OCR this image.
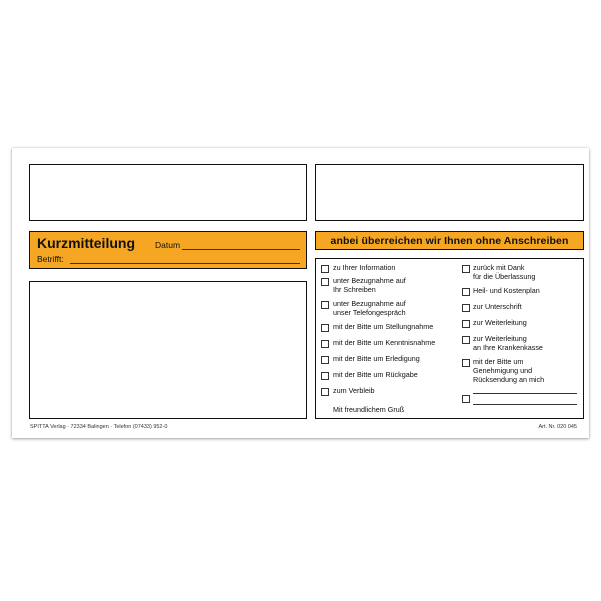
Kurzmitteilung Datum
Betrifft:
anbei überreichen wir Ihnen ohne Anschreiben
zu Ihrer Information
unter Bezugnahme auf
Ihr Schreiben
unter Bezugnahme auf
unser Telefongespräch
mit der Bitte um Stellungnahme
mit der Bitte um Kenntnisnahme
mit der Bitte um Erledigung
mit der Bitte um Rückgabe
zum Verbleib
zurück mit Dank
für die Überlassung
Heil- und Kostenplan
zur Unterschrift
zur Weiterleitung
zur Weiterleitung
an Ihre Krankenkasse
mit der Bitte um
Genehmigung und
Rücksendung an mich
Mit freundlichem Gruß
SPITTA Verlag · 72334 Balingen · Telefon (07433) 952-0	Art. Nr. 020 045
